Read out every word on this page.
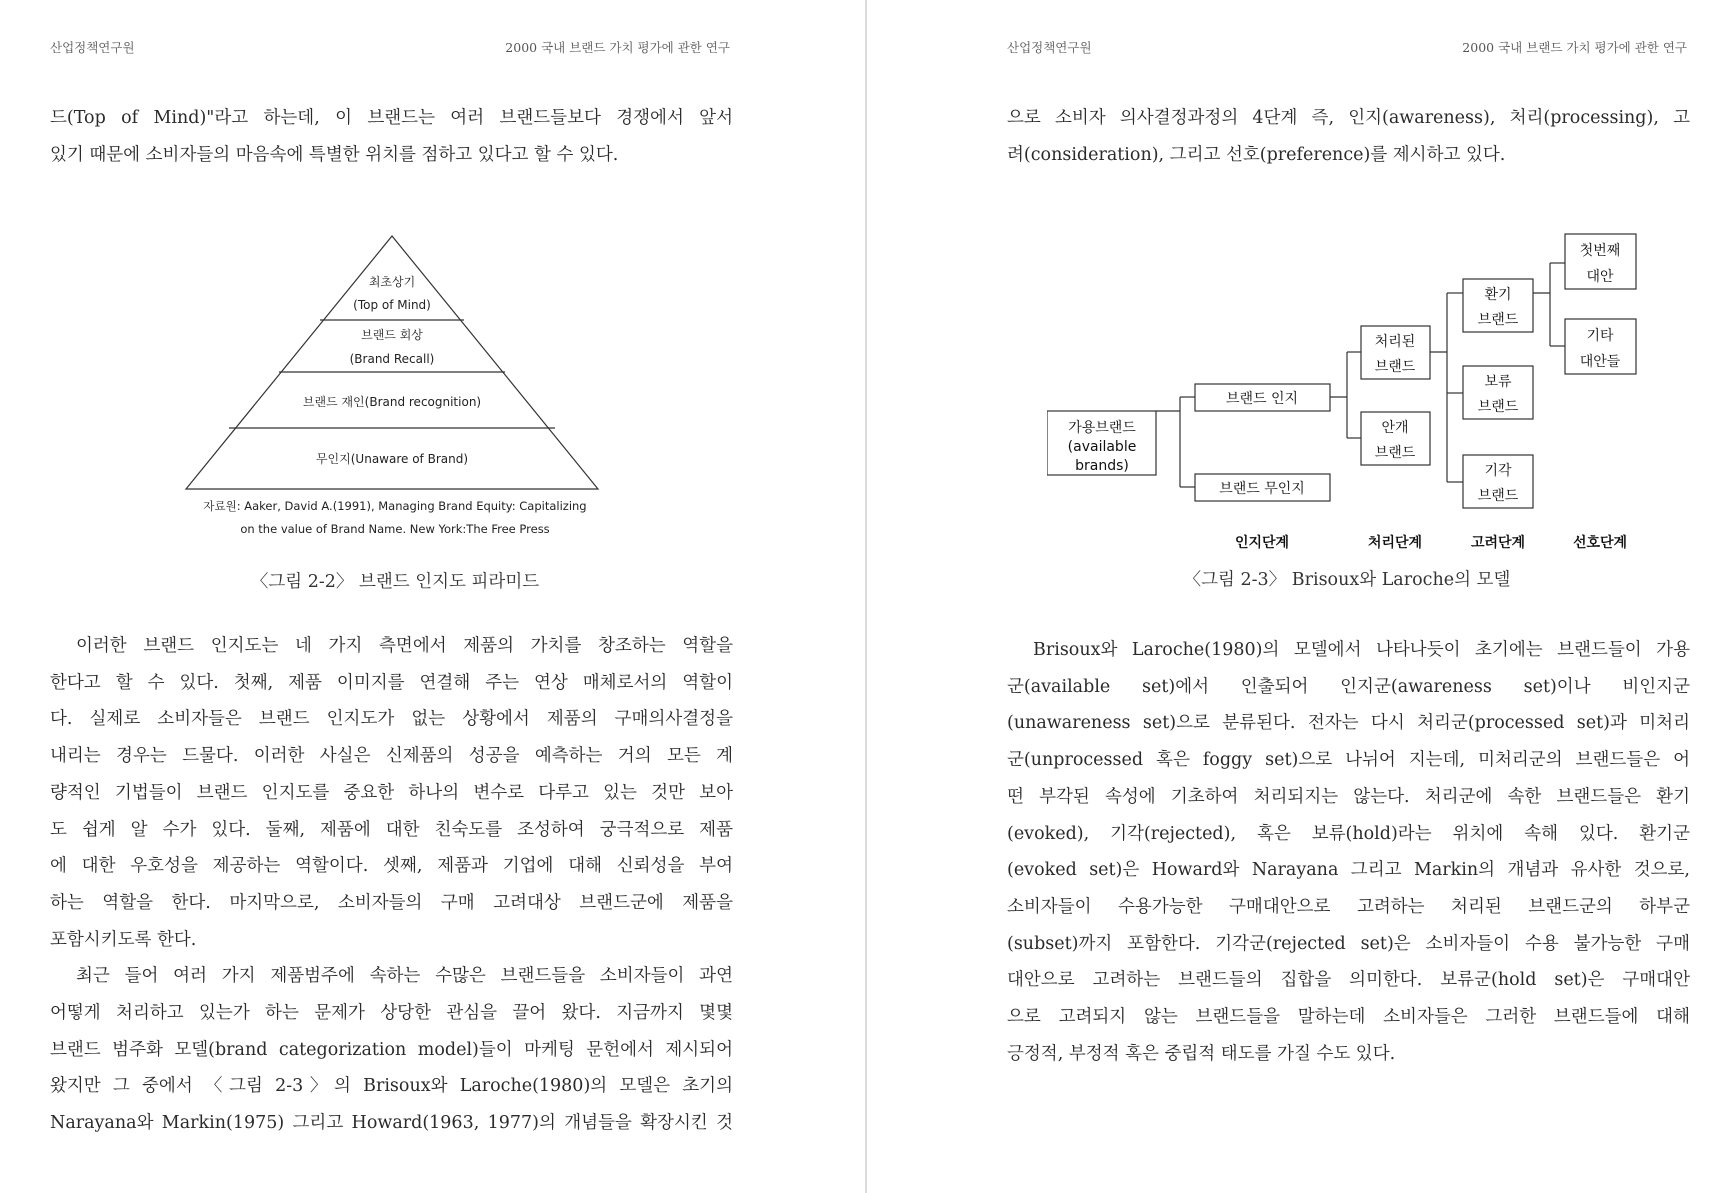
산업정책연구원	2000 국내 브랜드 가치 평가에 관한 연구
드(Top of Mind)"라고 하는데, 이 브랜드는 여러 브랜드들보다 경쟁에서 앞서
있기 때문에 소비자들의 마음속에 특별한 위치를 점하고 있다고 할 수 있다.
최초상기
(Top of Mind)
브랜드 회상
(Brand Recall)
브랜드 재인(Brand recognition)
무인지(Unaware of Brand)
자료원: Aaker, David A.(1991), Managing Brand Equity: Capitalizing
on the value of Brand Name. New York:The Free Press
〈그림 2-2〉 브랜드 인지도 피라미드
이러한 브랜드 인지도는 네 가지 측면에서 제품의 가치를 창조하는 역할을
한다고 할 수 있다. 첫째, 제품 이미지를 연결해 주는 연상 매체로서의 역할이
다. 실제로 소비자들은 브랜드 인지도가 없는 상황에서 제품의 구매의사결정을
내리는 경우는 드물다. 이러한 사실은 신제품의 성공을 예측하는 거의 모든 계
량적인 기법들이 브랜드 인지도를 중요한 하나의 변수로 다루고 있는 것만 보아
도 쉽게 알 수가 있다. 둘째, 제품에 대한 친숙도를 조성하여 궁극적으로 제품
에 대한 우호성을 제공하는 역할이다. 셋째, 제품과 기업에 대해 신뢰성을 부여
하는 역할을 한다. 마지막으로, 소비자들의 구매 고려대상 브랜드군에 제품을
포함시키도록 한다.
최근 들어 여러 가지 제품범주에 속하는 수많은 브랜드들을 소비자들이 과연
어떻게 처리하고 있는가 하는 문제가 상당한 관심을 끌어 왔다. 지금까지 몇몇
브랜드 범주화 모델(brand categorization model)들이 마케팅 문헌에서 제시되어
왔지만 그 중에서 〈그림 2-3〉의 Brisoux와 Laroche(1980)의 모델은 초기의
Narayana와 Markin(1975) 그리고 Howard(1963, 1977)의 개념들을 확장시킨 것
산업정책연구원	2000 국내 브랜드 가치 평가에 관한 연구
으로 소비자 의사결정과정의 4단계 즉, 인지(awareness), 처리(processing), 고
려(consideration), 그리고 선호(preference)를 제시하고 있다.
가용브랜드
(available
brands)
브랜드 인지
브랜드 무인지
처리된
브랜드
안개
브랜드
환기
브랜드
보류
브랜드
기각
브랜드
첫번째
대안
기타
대안들
인지단계	처리단계	고려단계	선호단계
〈그림 2-3〉 Brisoux와 Laroche의 모델
Brisoux와 Laroche(1980)의 모델에서 나타나듯이 초기에는 브랜드들이 가용
군(available set)에서 인출되어 인지군(awareness set)이나 비인지군
(unawareness set)으로 분류된다. 전자는 다시 처리군(processed set)과 미처리
군(unprocessed 혹은 foggy set)으로 나뉘어 지는데, 미처리군의 브랜드들은 어
떤 부각된 속성에 기초하여 처리되지는 않는다. 처리군에 속한 브랜드들은 환기
(evoked), 기각(rejected), 혹은 보류(hold)라는 위치에 속해 있다. 환기군
(evoked set)은 Howard와 Narayana 그리고 Markin의 개념과 유사한 것으로,
소비자들이 수용가능한 구매대안으로 고려하는 처리된 브랜드군의 하부군
(subset)까지 포함한다. 기각군(rejected set)은 소비자들이 수용 불가능한 구매
대안으로 고려하는 브랜드들의 집합을 의미한다. 보류군(hold set)은 구매대안
으로 고려되지 않는 브랜드들을 말하는데 소비자들은 그러한 브랜드들에 대해
긍정적, 부정적 혹은 중립적 태도를 가질 수도 있다.
